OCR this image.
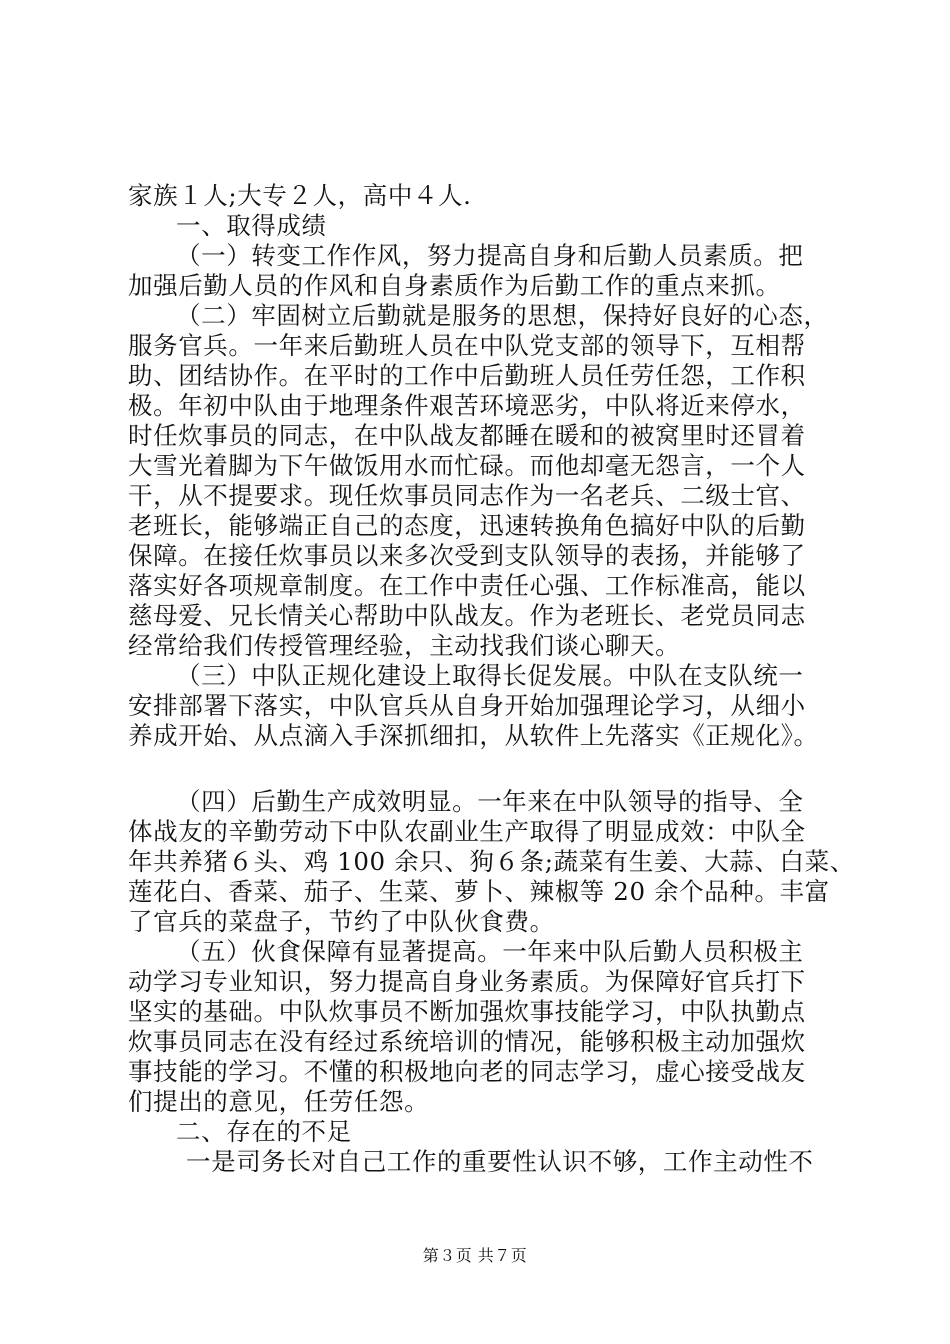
家族１人;大专２人，高中４人.
一、取得成绩
（一）转变工作作风，努力提高自身和后勤人员素质。把
加强后勤人员的作风和自身素质作为后勤工作的重点来抓。
（二）牢固树立后勤就是服务的思想，保持好良好的心态，
服务官兵。一年来后勤班人员在中队党支部的领导下，互相帮
助、团结协作。在平时的工作中后勤班人员任劳任怨，工作积
极。年初中队由于地理条件艰苦环境恶劣，中队将近来停水，
时任炊事员的同志，在中队战友都睡在暖和的被窝里时还冒着
大雪光着脚为下午做饭用水而忙碌。而他却毫无怨言，一个人
干，从不提要求。现任炊事员同志作为一名老兵、二级士官、
老班长，能够端正自己的态度，迅速转换角色搞好中队的后勤
保障。在接任炊事员以来多次受到支队领导的表扬，并能够了
落实好各项规章制度。在工作中责任心强、工作标准高，能以
慈母爱、兄长情关心帮助中队战友。作为老班长、老党员同志
经常给我们传授管理经验，主动找我们谈心聊天。
（三）中队正规化建设上取得长促发展。中队在支队统一
安排部署下落实，中队官兵从自身开始加强理论学习，从细小
养成开始、从点滴入手深抓细扣，从软件上先落实《正规化》。
（四）后勤生产成效明显。一年来在中队领导的指导、全
体战友的辛勤劳动下中队农副业生产取得了明显成效：中队全
年共养猪６头、鸡 100 余只、狗６条;蔬菜有生姜、大蒜、白菜、
莲花白、香菜、茄子、生菜、萝卜、辣椒等 20 余个品种。丰富
了官兵的菜盘子，节约了中队伙食费。
（五）伙食保障有显著提高。一年来中队后勤人员积极主
动学习专业知识，努力提高自身业务素质。为保障好官兵打下
坚实的基础。中队炊事员不断加强炊事技能学习，中队执勤点
炊事员同志在没有经过系统培训的情况，能够积极主动加强炊
事技能的学习。不懂的积极地向老的同志学习，虚心接受战友
们提出的意见，任劳任怨。
二、存在的不足
一是司务长对自己工作的重要性认识不够，工作主动性不
第３页 共７页
